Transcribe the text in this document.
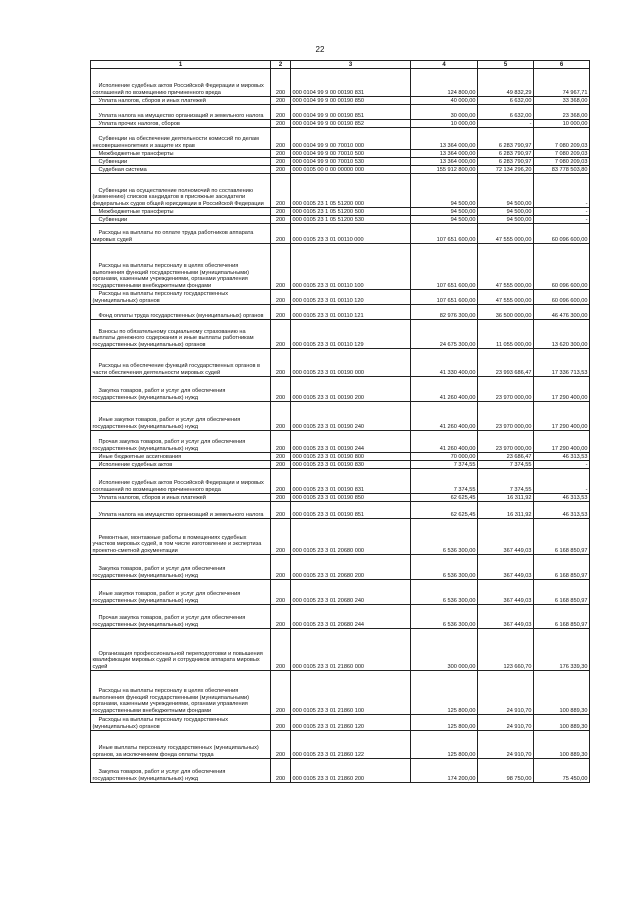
22
1	2	3	4	5	6
Исполнение судебных актов Российской Федерации и мировых соглашений по возмещению причиненного вреда	200	000 0104 99 9 00 00190 831	124 800,00	49 832,29	74 967,71
Уплата налогов, сборов и иных платежей	200	000 0104 99 9 00 00190 850	40 000,00	6 632,00	33 368,00
Уплата налога на имущество организаций и земельного налога	200	000 0104 99 9 00 00190 851	30 000,00	6 632,00	23 368,00
Уплата прочих налогов, сборов	200	000 0104 99 9 00 00190 852	10 000,00	-	10 000,00
Субвенции на обеспечение деятельности комиссий по делам несовершеннолетних и защите их прав	200	000 0104 99 9 00 70010 000	13 364 000,00	6 283 790,97	7 080 209,03
Межбюджетные трансферты	200	000 0104 99 9 00 70010 500	13 364 000,00	6 283 790,97	7 080 209,03
Субвенции	200	000 0104 99 9 00 70010 530	13 364 000,00	6 283 790,97	7 080 209,03
Судебная система	200	000 0105 00 0 00 00000 000	155 912 800,00	72 134 296,20	83 778 503,80
Субвенции на осуществление полномочий по составлению (изменению) списков кандидатов в присяжные заседатели федеральных судов общей юрисдикции в Российской Федерации	200	000 0105 23 1 05 51200 000	94 500,00	94 500,00	-
Межбюджетные трансферты	200	000 0105 23 1 05 51200 500	94 500,00	94 500,00	-
Субвенции	200	000 0105 23 1 05 51200 530	94 500,00	94 500,00	-
Расходы на выплаты по оплате труда работников аппарата мировых судей	200	000 0105 23 3 01 00110 000	107 651 600,00	47 555 000,00	60 096 600,00
Расходы на выплаты персоналу в целях обеспечения выполнения функций государственными (муниципальными) органами, казенными учреждениями, органами управления государственными внебюджетными фондами	200	000 0105 23 3 01 00110 100	107 651 600,00	47 555 000,00	60 096 600,00
Расходы на выплаты персоналу государственных (муниципальных) органов	200	000 0105 23 3 01 00110 120	107 651 600,00	47 555 000,00	60 096 600,00
Фонд оплаты труда государственных (муниципальных) органов	200	000 0105 23 3 01 00110 121	82 976 300,00	36 500 000,00	46 476 300,00
Взносы по обязательному социальному страхованию на выплаты денежного содержания и иные выплаты работникам государственных (муниципальных) органов	200	000 0105 23 3 01 00110 129	24 675 300,00	11 055 000,00	13 620 300,00
Расходы на обеспечение функций государственных органов в части обеспечения деятельности мировых судей	200	000 0105 23 3 01 00190 000	41 330 400,00	23 993 686,47	17 336 713,53
Закупка товаров, работ и услуг для обеспечения государственных (муниципальных) нужд	200	000 0105 23 3 01 00190 200	41 260 400,00	23 970 000,00	17 290 400,00
Иные закупки товаров, работ и услуг для обеспечения государственных (муниципальных) нужд	200	000 0105 23 3 01 00190 240	41 260 400,00	23 970 000,00	17 290 400,00
Прочая закупка товаров, работ и услуг для обеспечения государственных (муниципальных) нужд	200	000 0105 23 3 01 00190 244	41 260 400,00	23 970 000,00	17 290 400,00
Иные бюджетные ассигнования	200	000 0105 23 3 01 00190 800	70 000,00	23 686,47	46 313,53
Исполнение судебных актов	200	000 0105 23 3 01 00190 830	7 374,55	7 374,55	-
Исполнение судебных актов Российской Федерации и мировых соглашений по возмещению причиненного вреда	200	000 0105 23 3 01 00190 831	7 374,55	7 374,55	-
Уплата налогов, сборов и иных платежей	200	000 0105 23 3 01 00190 850	62 625,45	16 311,92	46 313,53
Уплата налога на имущество организаций и земельного налога	200	000 0105 23 3 01 00190 851	62 625,45	16 311,92	46 313,53
Ремонтные, монтажные работы в помещениях судебных участков мировых судей, в том числе изготовление и экспертиза проектно-сметной документации	200	000 0105 23 3 01 20680 000	6 536 300,00	367 449,03	6 168 850,97
Закупка товаров, работ и услуг для обеспечения государственных (муниципальных) нужд	200	000 0105 23 3 01 20680 200	6 536 300,00	367 449,03	6 168 850,97
Иные закупки товаров, работ и услуг для обеспечения государственных (муниципальных) нужд	200	000 0105 23 3 01 20680 240	6 536 300,00	367 449,03	6 168 850,97
Прочая закупка товаров, работ и услуг для обеспечения государственных (муниципальных) нужд	200	000 0105 23 3 01 20680 244	6 536 300,00	367 449,03	6 168 850,97
Организация профессиональной переподготовки и повышения квалификации мировых судей и сотрудников аппарата мировых судей	200	000 0105 23 3 01 21860 000	300 000,00	123 660,70	176 339,30
Расходы на выплаты персоналу в целях обеспечения выполнения функций государственными (муниципальными) органами, казенными учреждениями, органами управления государственными внебюджетными фондами	200	000 0105 23 3 01 21860 100	125 800,00	24 910,70	100 889,30
Расходы на выплаты персоналу государственных (муниципальных) органов	200	000 0105 23 3 01 21860 120	125 800,00	24 910,70	100 889,30
Иные выплаты персоналу государственных (муниципальных) органов, за исключением фонда оплаты труда	200	000 0105 23 3 01 21860 122	125 800,00	24 910,70	100 889,30
Закупка товаров, работ и услуг для обеспечения государственных (муниципальных) нужд	200	000 0105 23 3 01 21860 200	174 200,00	98 750,00	75 450,00
